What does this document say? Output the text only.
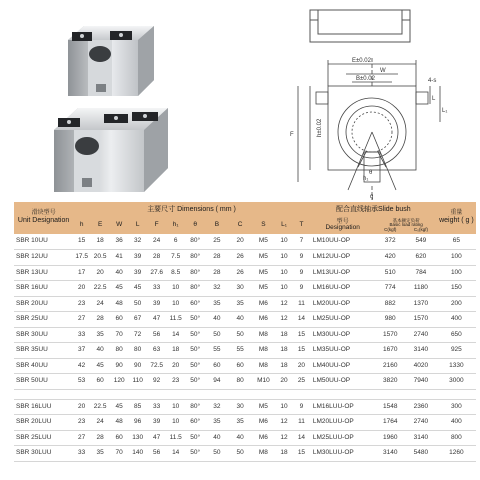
E±0.02
W
B±0.02	4-s
h±0.02
F
L
L₁
h₁
θ
q
滑块型号
Unit Designation	主要尺寸 Dimensions ( mm )												配合直线轴承Slide bush			重量
weight ( g )
	h	E	W	L	F	h₁	θ	B	C	S	L₁	T	型号
Designation	基本额定负荷
Basic load rating
C(kgf) C₀(kgf)		

SBR 10UU	15	18	36	32	24	6	80°	25	20	M5	10	7	LM10UU-OP	372	549	65
SBR 12UU	17.5	20.5	41	39	28	7.5	80°	28	26	M5	10	9	LM12UU-OP	420	620	100
SBR 13UU	17	20	40	39	27.6	8.5	80°	28	26	M5	10	9	LM13UU-OP	510	784	100
SBR 16UU	20	22.5	45	45	33	10	80°	32	30	M5	10	9	LM16UU-OP	774	1180	150
SBR 20UU	23	24	48	50	39	10	60°	35	35	M6	12	11	LM20UU-OP	882	1370	200
SBR 25UU	27	28	60	67	47	11.5	50°	40	40	M6	12	14	LM25UU-OP	980	1570	400
SBR 30UU	33	35	70	72	56	14	50°	50	50	M8	18	15	LM30UU-OP	1570	2740	650
SBR 35UU	37	40	80	80	63	18	50°	55	55	M8	18	15	LM35UU-OP	1670	3140	925
SBR 40UU	42	45	90	90	72.5	20	50°	60	60	M8	18	20	LM40UU-OP	2160	4020	1330
SBR 50UU	53	60	120	110	92	23	50°	94	80	M10	20	25	LM50UU-OP	3820	7940	3000

SBR 16LUU	20	22.5	45	85	33	10	80°	32	30	M5	10	9	LM16LUU-OP	1548	2360	300
SBR 20LUU	23	24	48	96	39	10	60°	35	35	M6	12	11	LM20LUU-OP	1764	2740	400
SBR 25LUU	27	28	60	130	47	11.5	50°	40	40	M6	12	14	LM25LUU-OP	1960	3140	800
SBR 30LUU	33	35	70	140	56	14	50°	50	50	M8	18	15	LM30LUU-OP	3140	5480	1260
